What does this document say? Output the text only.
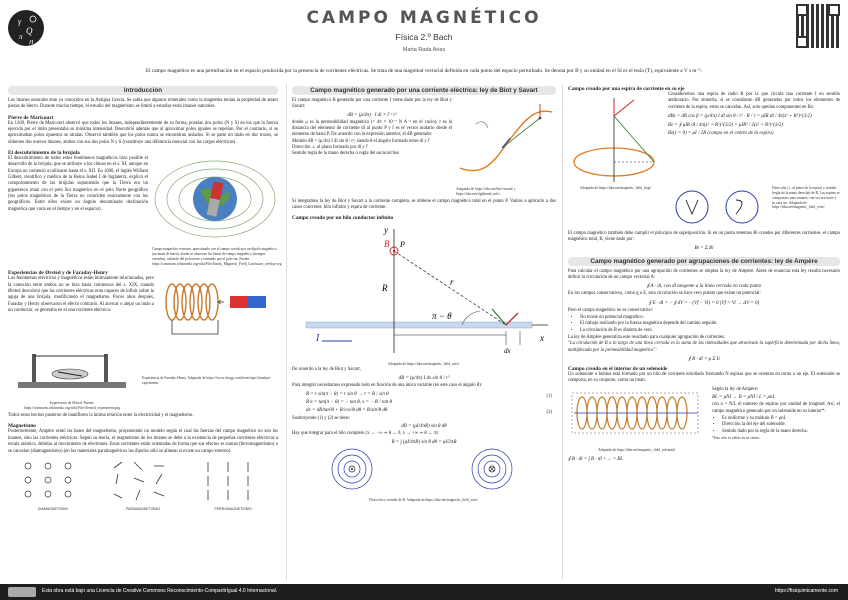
γ
Q
π
H
CAMPO MAGNÉTICO
Física 2.º Bach
Marta Rada Arias
El campo magnético es una perturbación en el espacio producida por la presencia de corrientes eléctricas. Se trata de una magnitud vectorial definida en cada punto del espacio perturbado. Se denota por B y su unidad en el SI es el tesla (T), equivalente a V s m⁻².
Introducción
Los imanes naturales eran ya conocidos en la Antigua Grecia. Se sabía que algunos minerales como la magnetita tenían la propiedad de atraer piezas de hierro. Durante mucho tiempo, el estudio del magnetismo se limitó a estudiar estos imanes naturales.
Pierre de Maricourt
En 1269, Pierre de Maricourt observó que todos los imanes, independientemente de su forma, poseían dos polos (N y S) en los que la fuerza ejercida por el imán presentaba su máxima intensidad. Descubrió además que al aproximar polos iguales se repelían. Por el contrario, si se aproximaban polos opuestos se atraían. Observó también que los polos nunca se encuentran aislados. Si se parte un imán en dos trozos, se obtienen dos nuevos imanes, ambos con sus dos polos N y S (constituye una diferencia esencial con las cargas eléctricas).
El descubrimiento de la brújula
El descubrimiento de todos estos fenómenos magnéticos hizo posible el desarrollo de la brújula, que se atribuye a los chinos en el s. XI, aunque en Europa no comenzó a utilizarse hasta el s. XII. En 1600, el inglés William Gilbert, científico y médico de la Reina Isabel I de Inglaterra, explicó el comportamiento de las brújulas suponiendo que la Tierra era un gigantesco imán con el polo Sur magnético en el polo Norte geográfico (los polos magnéticos de la Tierra no coinciden exactamente con los geográficos. Entre ellos existe un ángulo denominado declinación magnética que varía en el tiempo y en el espacio).
Campo magnético terrestre, aproximado con el campo creado por un dipolo magnético (un imán de barra), donde se observan las líneas de campo magnético (siempre cerradas), saliendo del polo norte y entrando por el polo sur. Fuente: https://commons.wikimedia.org/wiki/File:Earths_Magnetic_Field_Confusion_overlay.svg.
Experiencias de Ørsted y de Faraday-Henry
Los fenómenos eléctricos y magnéticos están íntimamente relacionados, pero la conexión entre ambos no se hizo hasta comienzos del s. XIX, cuando Ørsted descubrió que las corrientes eléctricas eran capaces de influir sobre la aguja de una brújula, modificando el magnetismo. Pocos años después, Faraday y Henry observaron el efecto contrario. Al acercar o alejar un imán a un conductor, se generaba en el una corriente eléctrica.
Experiencia de Ørsted. Fuente: https://commons.wikimedia.org/wiki/File:Oersted_experiment.png
Experiencia de Faraday-Henry. Adaptada de https://www.chegg.com/learn/topic/faradays-experiment.
Todos estos hechos pusieron de manifiesto la íntima relación entre la electricidad y el magnetismo.
Magnetismo
Posteriormente, Ampère sentó las bases del magnetismo, proponiendo un modelo según el cual las fuerzas del campo magnético no son los imanes, sino las corrientes eléctricas. Según su teoría, el magnetismo de los imanes se debe a la existencia de pequeñas corrientes eléctricas a escala atómica, debidas al movimiento de electrones. Estas corrientes están orientadas de forma que sus efectos se suman (ferromagnetismo) o se cancelan (diamagnetismo) (en los materiales paramagnéticos los dipolos sólo se alinean si existe un campo externo).
DIAMAGNETISMO	PARAMAGNETISMO	FERROMAGNETISMO
Campo magnético generado por una corriente eléctrica: ley de Biot y Savart
El campo magnético B generado por una corriente I viene dado por la ley de Biot y Savart:
dB = (μ/4π) · I dl × r̂ / r²
donde μ es la permeabilidad magnética (= 4π × 10⁻⁷ N A⁻² en el vacío), r es la distancia del elemento de corriente dl al punto P y r̂ es el vector unitario desde el elemento de hasta P. De acuerdo con la expresión anterior, el dB generado:
Módulo dB = (μ/4π) I dl sin θ / r², siendo θ el ángulo formado entre dl y r̂
Dirección ⊥ al plano formado por dl y r̂
Sentido regla de la mano derecha o regla del sacacorchos
Adaptada de https://tikz.net/biot-savart/ y https://tikz.net/righthand_rule/.
Si integramos la ley de Biot y Savart a la corriente completa, se obtiene el campo magnético total en el punto P. Vamos a aplicarlo a dos casos concretos: hilo infinito y espira de corriente.
Campo creado por un hilo conductor infinito
I	x
y
R
r
dx
π − θ
P
B
Adaptada de https://tikz.net/magnetic_field_wire/.
De acuerdo a la ley de Biot y Savart,
dB = (μ/4π) I dx sin θ / r²
Para integrar necesitamos expresado todo en función de una única variable (en este caso el ángulo θ):
R = r sin(π − θ) = r sin θ → r = R / sin θ
R/x = tan(π − θ) = − tan θ, x = − R / tan θ
dx = dR/tan²θ + R/cos²θ dθ = R/sin²θ dθ
(1)
(2)
Sustituyendo (1) y (2) se tiene:
dB = (μI/4πR) sin θ dθ
Hay que integrar para el hilo completo (x → −∞ ⇒ θ → 0, x → +∞ ⇒ θ → π):
B = ∫ (μI/4πR) sin θ dθ = μI/2πR
Dirección y sentido de B. Adaptada de https://tikz.net/magnetic_field_wire/.
Campo creado por una espira de corriente en su eje
Consideremos una espira de radio R por la que circula una corriente I en sentido antihorario. Por simetría, si se consideran dB generados por todos los elementos de corriente de la espira, estos se cancelan. Así, solo quedan componentes en Bz:
dBz = dB cos β = (μ/4π) I dl sin θ / r² · R / r = μIR dl / 4π(z² + R²)^(3/2)
Bz = ∮ μIR dl / 4π(z² + R²)^(3/2) = μIR² / 2(z² + R²)^(3/2)
Bz(z = 0) = μI / 2R (campo en el centro de la espira)
Adaptada de https://tikz.net/magnetic_field_loop/.	Dirección (⊥ al plano de la espira) y sentido (regla de la mano derecha) de B. Las espiras se comportan como imanes, con su cara norte y su cara sur. Adaptada de https://tikz.net/magnetic_field_wire/.
El campo magnético también debe cumplir el principio de superposición. Si en un punto tenemos Bi creados por diferentes corrientes, el campo magnético total, B, viene dado por:
Bt = Σ Bi
Campo magnético generado por agrupaciones de corrientes: ley de Ampère
Para calcular el campo magnético por una agrupación de corrientes se emplea la ley de Ampère. Antes de enunciar esta ley resulta necesario definir la circulación de un campo vectorial A:
∮ A · dl, con dl tangente a la línea cerrada en cada punto
En los campos conservativos, como g o E, esta circulación se hace cero puesto que existe un potencial:
∮ E · dl = − ∮ dV = −(Vf − Vi) = 0 (Vf = Vi → ΔV = 0)
Pero el campo magnético no es conservativo:
• No existe un potencial magnético.
• El trabajo realizado por la fuerza magnética depende del camino seguido.
• La circulación de B es distinta de cero.
La ley de Ampère generaliza este resultado para cualquier agrupación de corrientes:
"La circulación de B a lo largo de una línea cerrada es la suma de las intensidades que atraviesan la superficie determinada por dicha línea, multiplicada por la permeabilidad magnética":
∮ B · dl = μ Σ Ii
Campo creado en el interior de un solenoide
Un solenoide o bobina está formado por un hilo de corriente enrollado formando N espiras que se orientan en torno a un eje. El solenoide se comporta, en su conjunto, como un imán:
Adaptada de https://tikz.net/magnetic_field_solenoid/.
∮ B · dl = ∫ B · dl + ... = BL
Según la ley de Ampère:
BL = μNI → B = μNI / L = μnI,
con n = N/L el número de espiras por unidad de longitud. Así, el campo magnético generado por un solenoide en su interior*:
• Es uniforme y su módulo B = μnI.
• Dirección la del eje del solenoide.
• Sentido dado por la regla de la mano derecha.
*Esto solo es válido en su centro.
Esta obra está bajo una Licencia de Creative Commons Reconocimiento-CompartirIgual 4.0 Internacional.	https://fisiquimicamente.com
